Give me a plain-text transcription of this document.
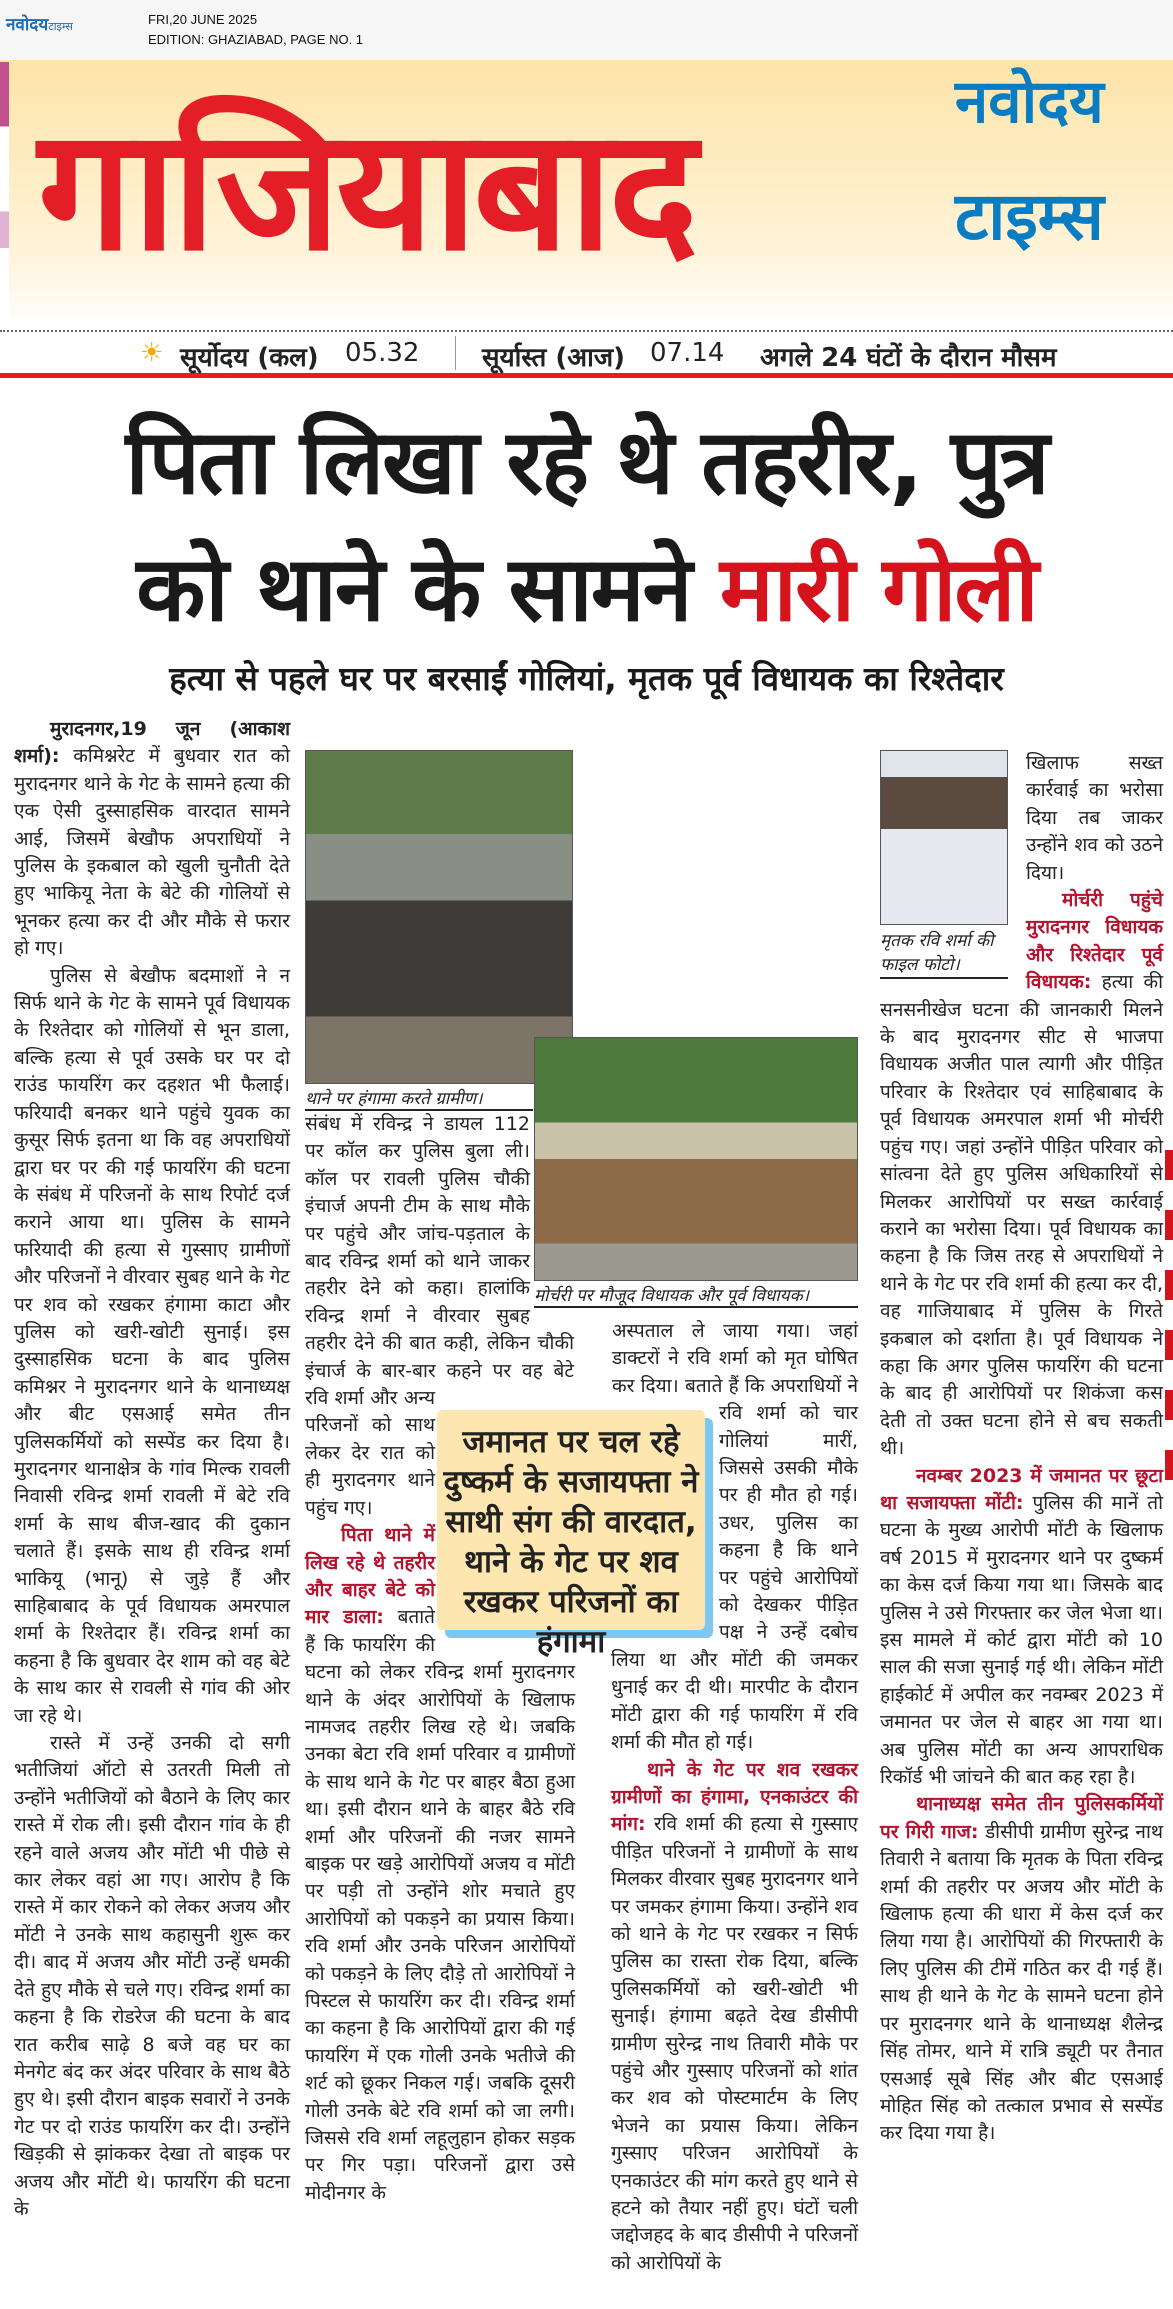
नवोदयटाइम्स	FRI,20 JUNE 2025
EDITION: GHAZIABAD, PAGE NO. 1
गाजियाबाद	नवोदय
टाइम्स
☀ सूर्योदय (कल) 05.32 सूर्यास्त (आज) 07.14 अगले 24 घंटों के दौरान मौसम
पिता लिखा रहे थे तहरीर, पुत्र
को थाने के सामने मारी गोली
हत्या से पहले घर पर बरसाईं गोलियां, मृतक पूर्व विधायक का रिश्तेदार

मुरादनगर,19 जून (आकाश शर्मा): कमिश्नरेट में बुधवार रात को मुरादनगर थाने के गेट के सामने हत्या की एक ऐसी दुस्साहसिक वारदात सामने आई, जिसमें बेखौफ अपराधियों ने पुलिस के इकबाल को खुली चुनौती देते हुए भाकियू नेता के बेटे की गोलियों से भूनकर हत्या कर दी और मौके से फरार हो गए।

पुलिस से बेखौफ बदमाशों ने न सिर्फ थाने के गेट के सामने पूर्व विधायक के रिश्तेदार को गोलियों से भून डाला, बल्कि हत्या से पूर्व उसके घर पर दो राउंड फायरिंग कर दहशत भी फैलाई। फरियादी बनकर थाने पहुंचे युवक का कुसूर सिर्फ इतना था कि वह अपराधियों द्वारा घर पर की गई फायरिंग की घटना के संबंध में परिजनों के साथ रिपोर्ट दर्ज कराने आया था। पुलिस के सामने फरियादी की हत्या से गुस्साए ग्रामीणों और परिजनों ने वीरवार सुबह थाने के गेट पर शव को रखकर हंगामा काटा और पुलिस को खरी-खोटी सुनाई। इस दुस्साहसिक घटना के बाद पुलिस कमिश्नर ने मुरादनगर थाने के थानाध्यक्ष और बीट एसआई समेत तीन पुलिसकर्मियों को सस्पेंड कर दिया है। मुरादनगर थानाक्षेत्र के गांव मिल्क रावली निवासी रविन्द्र शर्मा रावली में बेटे रवि शर्मा के साथ बीज-खाद की दुकान चलाते हैं। इसके साथ ही रविन्द्र शर्मा भाकियू (भानू) से जुड़े हैं और साहिबाबाद के पूर्व विधायक अमरपाल शर्मा के रिश्तेदार हैं। रविन्द्र शर्मा का कहना है कि बुधवार देर शाम को वह बेटे के साथ कार से रावली से गांव की ओर जा रहे थे।

रास्ते में उन्हें उनकी दो सगी भतीजियां ऑटो से उतरती मिली तो उन्होंने भतीजियों को बैठाने के लिए कार रास्ते में रोक ली। इसी दौरान गांव के ही रहने वाले अजय और मोंटी भी पीछे से कार लेकर वहां आ गए। आरोप है कि रास्ते में कार रोकने को लेकर अजय और मोंटी ने उनके साथ कहासुनी शुरू कर दी। बाद में अजय और मोंटी उन्हें धमकी देते हुए मौके से चले गए। रविन्द्र शर्मा का कहना है कि रोडरेज की घटना के बाद रात करीब साढ़े 8 बजे वह घर का मेनगेट बंद कर अंदर परिवार के साथ बैठे हुए थे। इसी दौरान बाइक सवारों ने उनके गेट पर दो राउंड फायरिंग कर दी। उन्होंने खिड़की से झांककर देखा तो बाइक पर अजय और मोंटी थे। फायरिंग की घटना के

थाने पर हंगामा करते ग्रामीण।
मोर्चरी पर मौजूद विधायक और पूर्व विधायक।

संबंध में रविन्द्र ने डायल 112 पर कॉल कर पुलिस बुला ली। कॉल पर रावली पुलिस चौकी इंचार्ज अपनी टीम के साथ मौके पर पहुंचे और जांच-पड़ताल के बाद रविन्द्र शर्मा को थाने जाकर तहरीर देने को कहा। हालांकि रविन्द्र शर्मा ने वीरवार सुबह तहरीर देने की बात कही, लेकिन चौकी इंचार्ज के बार-बार कहने पर वह बेटे रवि शर्मा और अन्य परिजनों को साथ लेकर देर रात को ही मुरादनगर थाने पहुंच गए।

पिता थाने में लिख रहे थे तहरीर और बाहर बेटे को मार डाला: बताते हैं कि फायरिंग की घटना को लेकर रविन्द्र शर्मा मुरादनगर थाने के अंदर आरोपियों के खिलाफ नामजद तहरीर लिख रहे थे। जबकि उनका बेटा रवि शर्मा परिवार व ग्रामीणों के साथ थाने के गेट पर बाहर बैठा हुआ था। इसी दौरान थाने के बाहर बैठे रवि शर्मा और परिजनों की नजर सामने बाइक पर खड़े आरोपियों अजय व मोंटी पर पड़ी तो उन्होंने शोर मचाते हुए आरोपियों को पकड़ने का प्रयास किया। रवि शर्मा और उनके परिजन आरोपियों को पकड़ने के लिए दौड़े तो आरोपियों ने पिस्टल से फायरिंग कर दी। रविन्द्र शर्मा का कहना है कि आरोपियों द्वारा की गई फायरिंग में एक गोली उनके भतीजे की शर्ट को छूकर निकल गई। जबकि दूसरी गोली उनके बेटे रवि शर्मा को जा लगी। जिससे रवि शर्मा लहूलुहान होकर सड़क पर गिर पड़ा। परिजनों द्वारा उसे मोदीनगर के

अस्पताल ले जाया गया। जहां डाक्टरों ने रवि शर्मा को मृत घोषित कर दिया। बताते हैं कि अपराधियों ने रवि शर्मा को चार गोलियां मारीं, जिससे उसकी मौके पर ही मौत हो गई। उधर, पुलिस का कहना है कि थाने पर पहुंचे आरोपियों को देखकर पीड़ित पक्ष ने उन्हें दबोच लिया था और मोंटी की जमकर धुनाई कर दी थी। मारपीट के दौरान मोंटी द्वारा की गई फायरिंग में रवि शर्मा की मौत हो गई।

थाने के गेट पर शव रखकर ग्रामीणों का हंगामा, एनकाउंटर की मांग: रवि शर्मा की हत्या से गुस्साए पीड़ित परिजनों ने ग्रामीणों के साथ मिलकर वीरवार सुबह मुरादनगर थाने पर जमकर हंगामा किया। उन्होंने शव को थाने के गेट पर रखकर न सिर्फ पुलिस का रास्ता रोक दिया, बल्कि पुलिसकर्मियों को खरी-खोटी भी सुनाई। हंगामा बढ़ते देख डीसीपी ग्रामीण सुरेन्द्र नाथ तिवारी मौके पर पहुंचे और गुस्साए परिजनों को शांत कर शव को पोस्टमार्टम के लिए भेजने का प्रयास किया। लेकिन गुस्साए परिजन आरोपियों के एनकाउंटर की मांग करते हुए थाने से हटने को तैयार नहीं हुए। घंटों चली जद्दोजहद के बाद डीसीपी ने परिजनों को आरोपियों के

जमानत पर चल रहे दुष्कर्म के सजायफ्ता ने साथी संग की वारदात, थाने के गेट पर शव रखकर परिजनों का हंगामा
मृतक रवि शर्मा की फाइल फोटो।

खिलाफ सख्त कार्रवाई का भरोसा दिया तब जाकर उन्होंने शव को उठने दिया।

मोर्चरी पहुंचे मुरादनगर विधायक और रिश्तेदार पूर्व विधायक: हत्या की सनसनीखेज घटना की जानकारी मिलने के बाद मुरादनगर सीट से भाजपा विधायक अजीत पाल त्यागी और पीड़ित परिवार के रिश्तेदार एवं साहिबाबाद के पूर्व विधायक अमरपाल शर्मा भी मोर्चरी पहुंच गए। जहां उन्होंने पीड़ित परिवार को सांत्वना देते हुए पुलिस अधिकारियों से मिलकर आरोपियों पर सख्त कार्रवाई कराने का भरोसा दिया। पूर्व विधायक का कहना है कि जिस तरह से अपराधियों ने थाने के गेट पर रवि शर्मा की हत्या कर दी, वह गाजियाबाद में पुलिस के गिरते इकबाल को दर्शाता है। पूर्व विधायक ने कहा कि अगर पुलिस फायरिंग की घटना के बाद ही आरोपियों पर शिकंजा कस देती तो उक्त घटना होने से बच सकती थी।

नवम्बर 2023 में जमानत पर छूटा था सजायफ्ता मोंटी: पुलिस की मानें तो घटना के मुख्य आरोपी मोंटी के खिलाफ वर्ष 2015 में मुरादनगर थाने पर दुष्कर्म का केस दर्ज किया गया था। जिसके बाद पुलिस ने उसे गिरफ्तार कर जेल भेजा था। इस मामले में कोर्ट द्वारा मोंटी को 10 साल की सजा सुनाई गई थी। लेकिन मोंटी हाईकोर्ट में अपील कर नवम्बर 2023 में जमानत पर जेल से बाहर आ गया था। अब पुलिस मोंटी का अन्य आपराधिक रिकॉर्ड भी जांचने की बात कह रहा है।

थानाध्यक्ष समेत तीन पुलिसकर्मियों पर गिरी गाज: डीसीपी ग्रामीण सुरेन्द्र नाथ तिवारी ने बताया कि मृतक के पिता रविन्द्र शर्मा की तहरीर पर अजय और मोंटी के खिलाफ हत्या की धारा में केस दर्ज कर लिया गया है। आरोपियों की गिरफ्तारी के लिए पुलिस की टीमें गठित कर दी गई हैं। साथ ही थाने के गेट के सामने घटना होने पर मुरादनगर थाने के थानाध्यक्ष शैलेन्द्र सिंह तोमर, थाने में रात्रि ड्यूटी पर तैनात एसआई सूबे सिंह और बीट एसआई मोहित सिंह को तत्काल प्रभाव से सस्पेंड कर दिया गया है।
